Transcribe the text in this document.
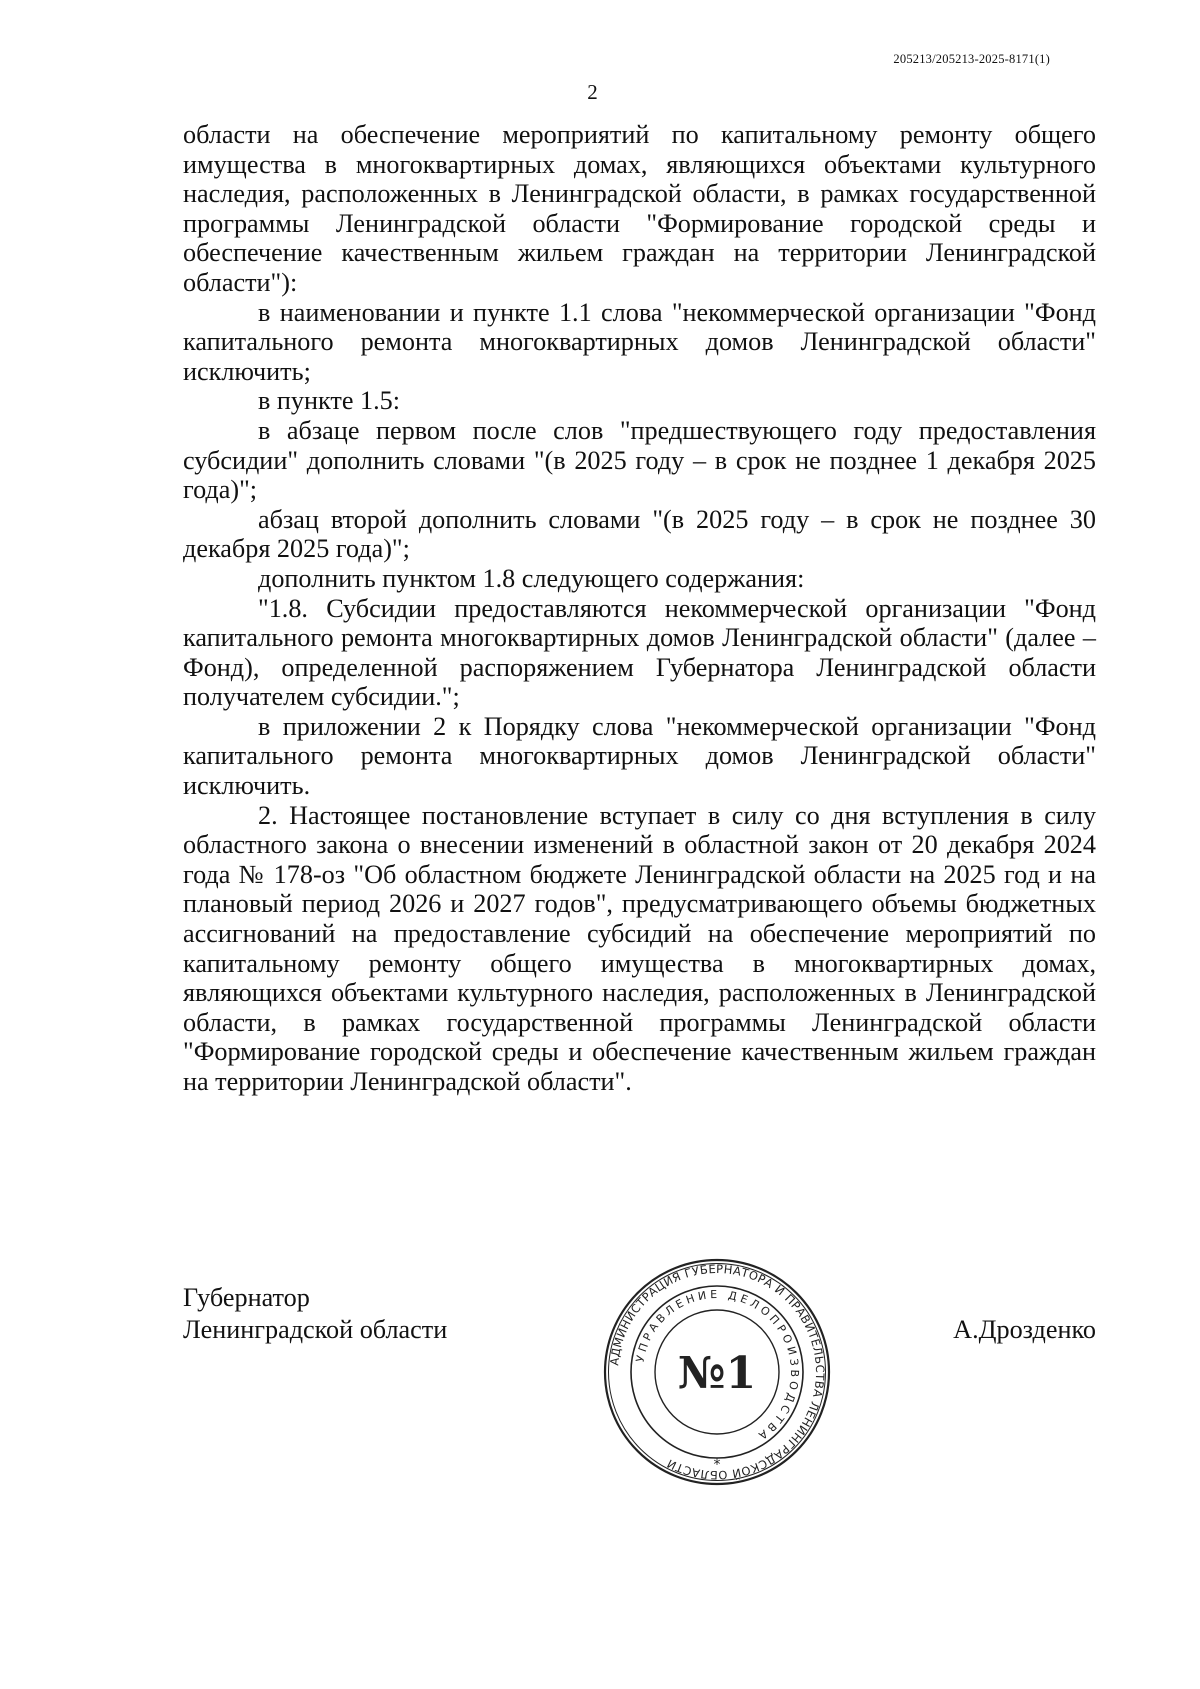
205213/205213-2025-8171(1)
2

области на обеспечение мероприятий по капитальному ремонту общего имущества в многоквартирных домах, являющихся объектами культурного наследия, расположенных в Ленинградской области, в рамках государственной программы Ленинградской области "Формирование городской среды и обеспечение качественным жильем граждан на территории Ленинградской области"):

в наименовании и пункте 1.1 слова "некоммерческой организации "Фонд капитального ремонта многоквартирных домов Ленинградской области" исключить;

в пункте 1.5:

в абзаце первом после слов "предшествующего году предоставления субсидии" дополнить словами "(в 2025 году – в срок не позднее 1 декабря 2025 года)";

абзац второй дополнить словами "(в 2025 году – в срок не позднее 30 декабря 2025 года)";

дополнить пунктом 1.8 следующего содержания:

"1.8. Субсидии предоставляются некоммерческой организации "Фонд капитального ремонта многоквартирных домов Ленинградской области" (далее – Фонд), определенной распоряжением Губернатора Ленинградской области получателем субсидии.";

в приложении 2 к Порядку слова "некоммерческой организации "Фонд капитального ремонта многоквартирных домов Ленинградской области" исключить.

2. Настоящее постановление вступает в силу со дня вступления в силу областного закона о внесении изменений в областной закон от 20 декабря 2024 года № 178-оз "Об областном бюджете Ленинградской области на 2025 год и на плановый период 2026 и 2027 годов", предусматривающего объемы бюджетных ассигнований на предоставление субсидий на обеспечение мероприятий по капитальному ремонту общего имущества в многоквартирных домах, являющихся объектами культурного наследия, расположенных в Ленинградской области, в рамках государственной программы Ленинградской области "Формирование городской среды и обеспечение качественным жильем граждан на территории Ленинградской области".

Губернатор
Ленинградской области
АДМИНИСТРАЦИЯ ГУБЕРНАТОРА И ПРАВИТЕЛЬСТВА ЛЕНИНГРАДСКОЙ ОБЛАСТИ
УПРАВЛЕНИЕ ДЕЛОПРОИЗВОДСТВА
№1
*
А.Дрозденко
